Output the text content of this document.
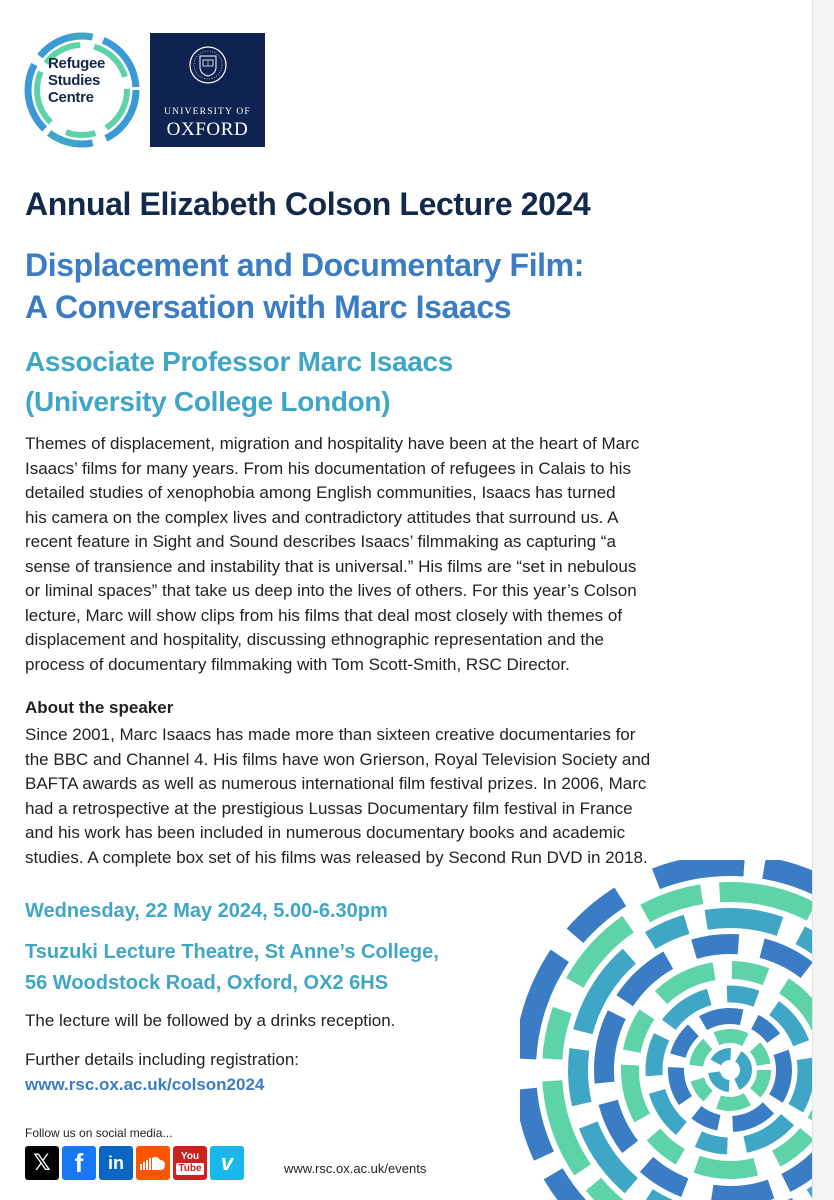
Refugee
Studies
Centre
UNIVERSITY OF
OXFORD
Annual Elizabeth Colson Lecture 2024
Displacement and Documentary Film:
A Conversation with Marc Isaacs
Associate Professor Marc Isaacs
(University College London)
Themes of displacement, migration and hospitality have been at the heart of Marc
Isaacs’ films for many years. From his documentation of refugees in Calais to his
detailed studies of xenophobia among English communities, Isaacs has turned
his camera on the complex lives and contradictory attitudes that surround us. A
recent feature in Sight and Sound describes Isaacs’ filmmaking as capturing “a
sense of transience and instability that is universal.” His films are “set in nebulous
or liminal spaces” that take us deep into the lives of others. For this year’s Colson
lecture, Marc will show clips from his films that deal most closely with themes of
displacement and hospitality, discussing ethnographic representation and the
process of documentary filmmaking with Tom Scott-Smith, RSC Director.
About the speaker
Since 2001, Marc Isaacs has made more than sixteen creative documentaries for
the BBC and Channel 4. His films have won Grierson, Royal Television Society and
BAFTA awards as well as numerous international film festival prizes. In 2006, Marc
had a retrospective at the prestigious Lussas Documentary film festival in France
and his work has been included in numerous documentary books and academic
studies. A complete box set of his films was released by Second Run DVD in 2018.
Wednesday, 22 May 2024, 5.00-6.30pm
Tsuzuki Lecture Theatre, St Anne’s College,
56 Woodstock Road, Oxford, OX2 6HS
The lecture will be followed by a drinks reception.
Further details including registration:
www.rsc.ox.ac.uk/colson2024
Follow us on social media...
𝕏 f	in	You
Tube v	www.rsc.ox.ac.uk/events
